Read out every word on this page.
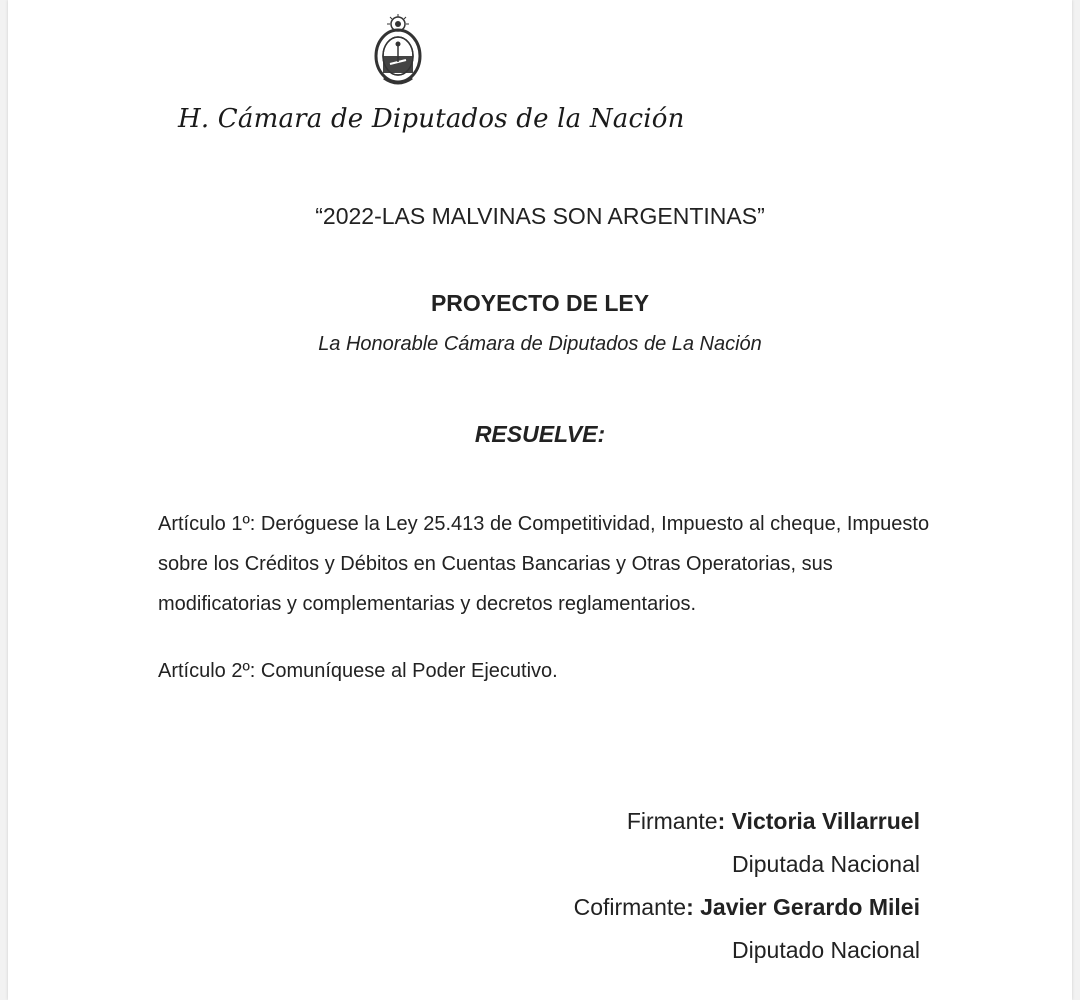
H. Cámara de Diputados de la Nación
“2022-LAS MALVINAS SON ARGENTINAS”
PROYECTO DE LEY
La Honorable Cámara de Diputados de La Nación
RESUELVE:
Artículo 1º: Deróguese la Ley 25.413 de Competitividad, Impuesto al cheque, Impuesto sobre los Créditos y Débitos en Cuentas Bancarias y Otras Operatorias, sus modificatorias y complementarias y decretos reglamentarios.
Artículo 2º: Comuníquese al Poder Ejecutivo.
Firmante: Victoria Villarruel
Diputada Nacional
Cofirmante: Javier Gerardo Milei
Diputado Nacional
